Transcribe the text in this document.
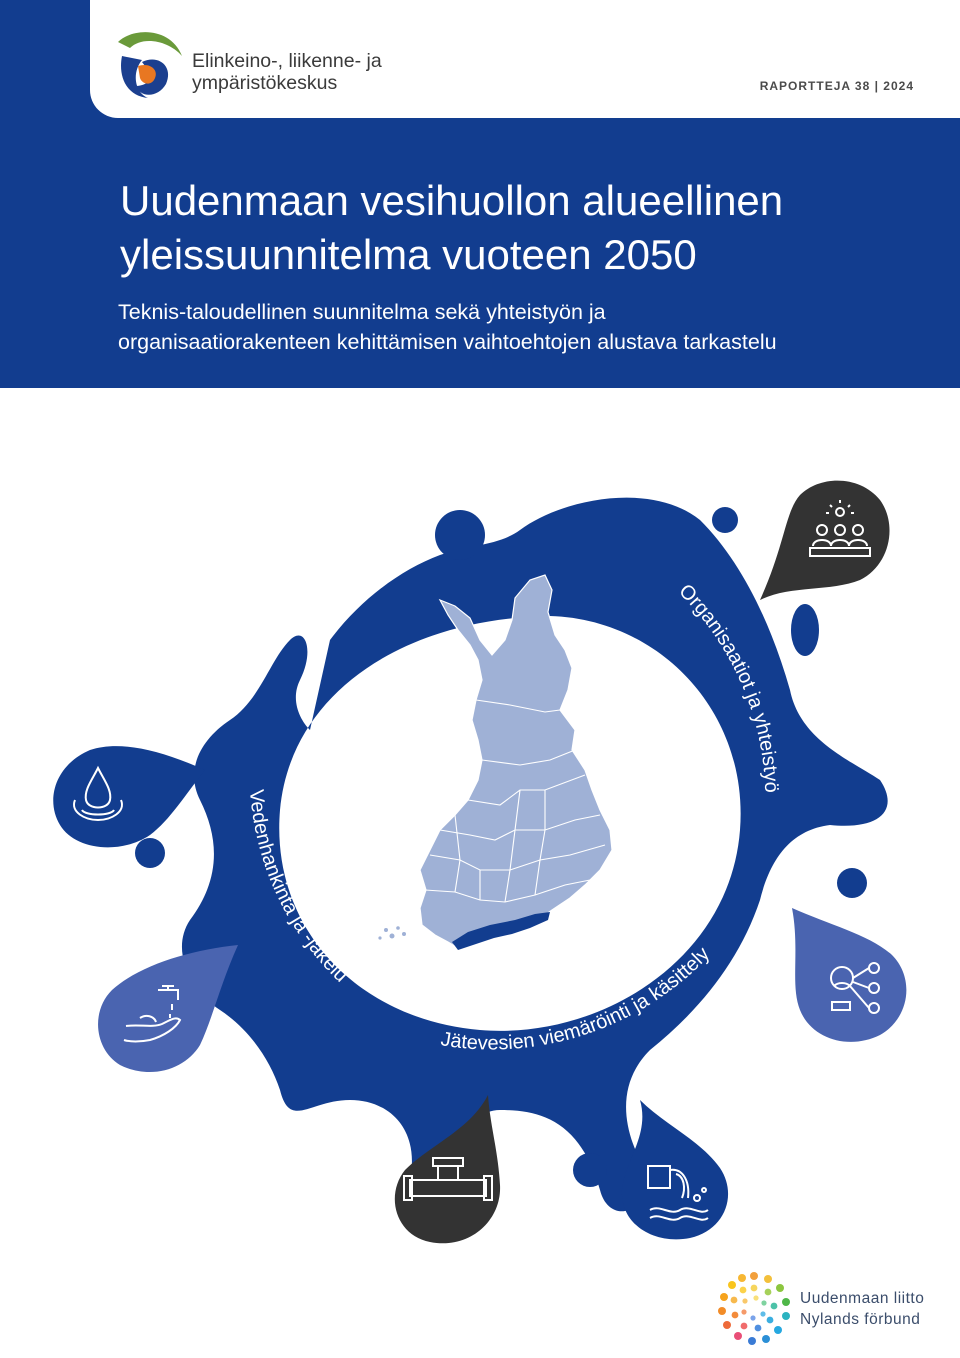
Elinkeino-, liikenne- ja
ympäristökeskus	RAPORTTEJA 38 | 2024
Uudenmaan vesihuollon alueellinen
yleissuunnitelma vuoteen 2050

Teknis-taloudellinen suunnitelma sekä yhteistyön ja
organisaatiorakenteen kehittämisen vaihtoehtojen alustava tarkastelu

Vedenhankinta ja -jakelu
Jätevesien viemäröinti ja käsittely
Organisaatiot ja yhteistyö
Uudenmaan liitto
Nylands förbund
